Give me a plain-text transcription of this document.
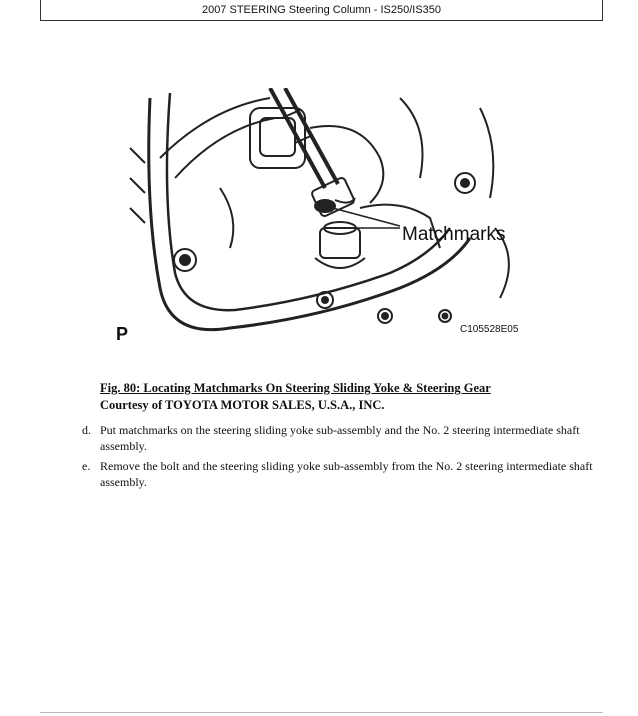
2007 STEERING Steering Column - IS250/IS350
Matchmarks
P	C105528E05
Fig. 80: Locating Matchmarks On Steering Sliding Yoke & Steering Gear
Courtesy of TOYOTA MOTOR SALES, U.S.A., INC.
d. Put matchmarks on the steering sliding yoke sub-assembly and the No. 2 steering intermediate shaft assembly.
e. Remove the bolt and the steering sliding yoke sub-assembly from the No. 2 steering intermediate shaft assembly.
